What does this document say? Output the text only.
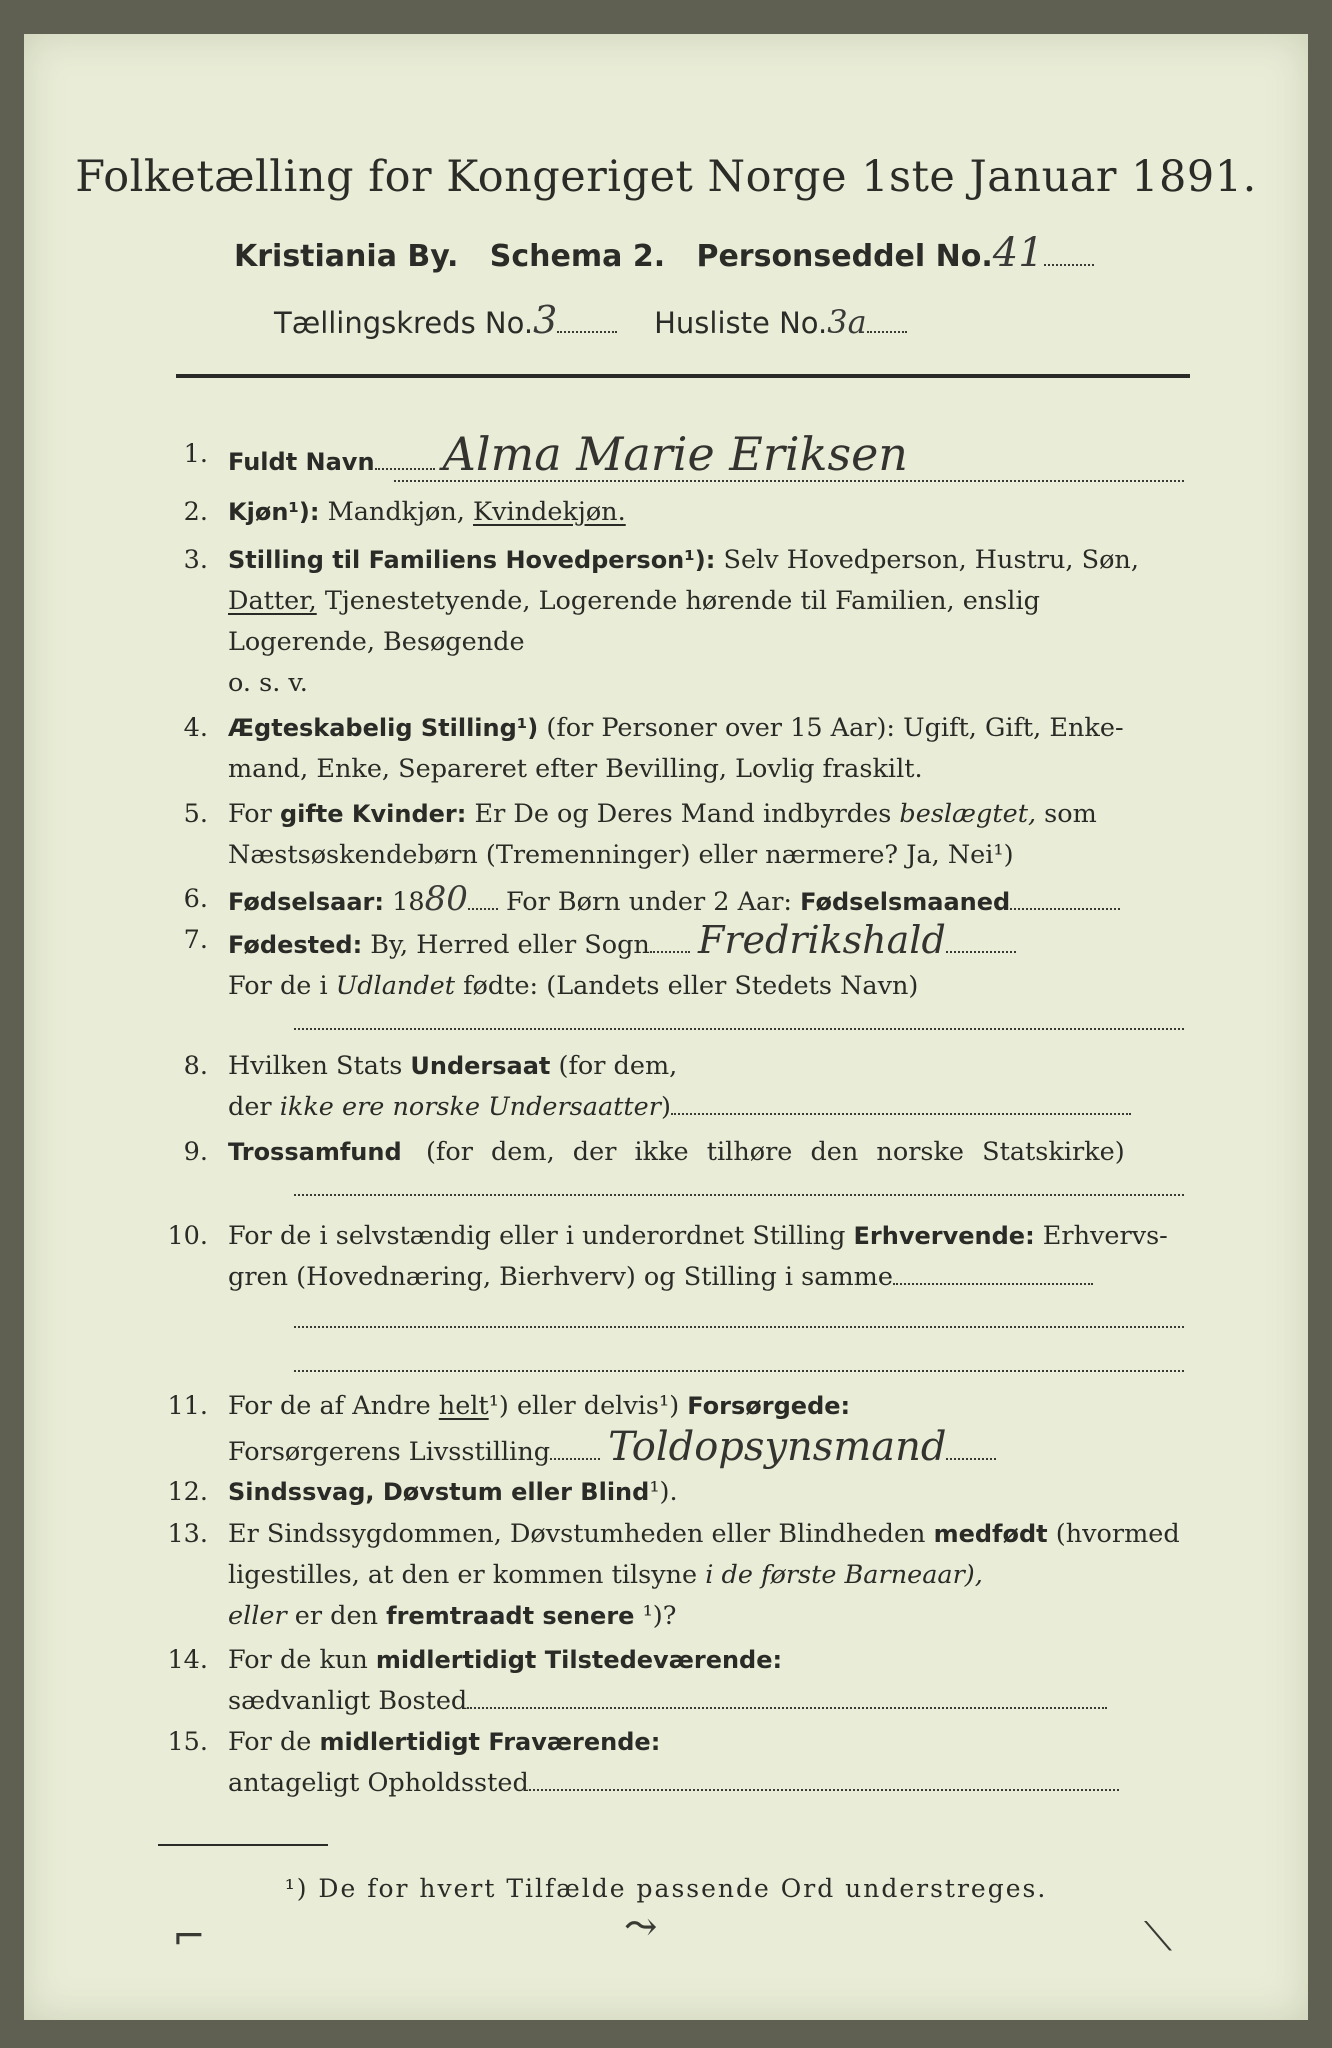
Folketælling for Kongeriget Norge 1ste Januar 1891.
Kristiania By. Schema 2. Personseddel No.41
Tællingskreds No.3	Husliste No.3a
1. Fuldt Navn Alma Marie Eriksen
2. Kjøn¹): Mandkjøn, Kvindekjøn.
3. Stilling til Familiens Hovedperson¹): Selv Hovedperson, Hustru, Søn,
Datter, Tjenestetyende, Logerende hørende til Familien, enslig
Logerende, Besøgende
o. s. v.
4. Ægteskabelig Stilling¹) (for Personer over 15 Aar): Ugift, Gift, Enke-
mand, Enke, Separeret efter Bevilling, Lovlig fraskilt.
5. For gifte Kvinder: Er De og Deres Mand indbyrdes beslægtet, som
Næstsøskendebørn (Tremenninger) eller nærmere? Ja, Nei¹)
6. Fødselsaar: 1880 For Børn under 2 Aar: Fødselsmaaned
7. Fødested: By, Herred eller Sogn Fredrikshald
For de i Udlandet fødte: (Landets eller Stedets Navn)
8. Hvilken Stats Undersaat (for dem,
der ikke ere norske Undersaatter)
9. Trossamfund (for dem, der ikke tilhøre den norske Statskirke)
10. For de i selvstændig eller i underordnet Stilling Erhvervende: Erhvervs-
gren (Hovednæring, Bierhverv) og Stilling i samme
11. For de af Andre helt¹) eller delvis¹) Forsørgede:
Forsørgerens Livsstilling Toldopsynsmand
12. Sindssvag, Døvstum eller Blind¹).
13. Er Sindssygdommen, Døvstumheden eller Blindheden medfødt (hvormed
ligestilles, at den er kommen tilsyne i de første Barneaar),
eller er den fremtraadt senere ¹)?
14. For de kun midlertidigt Tilstedeværende:
sædvanligt Bosted
15. For de midlertidigt Fraværende:
antageligt Opholdssted
¹) De for hvert Tilfælde passende Ord understreges.
⌐	⤳	⟍
